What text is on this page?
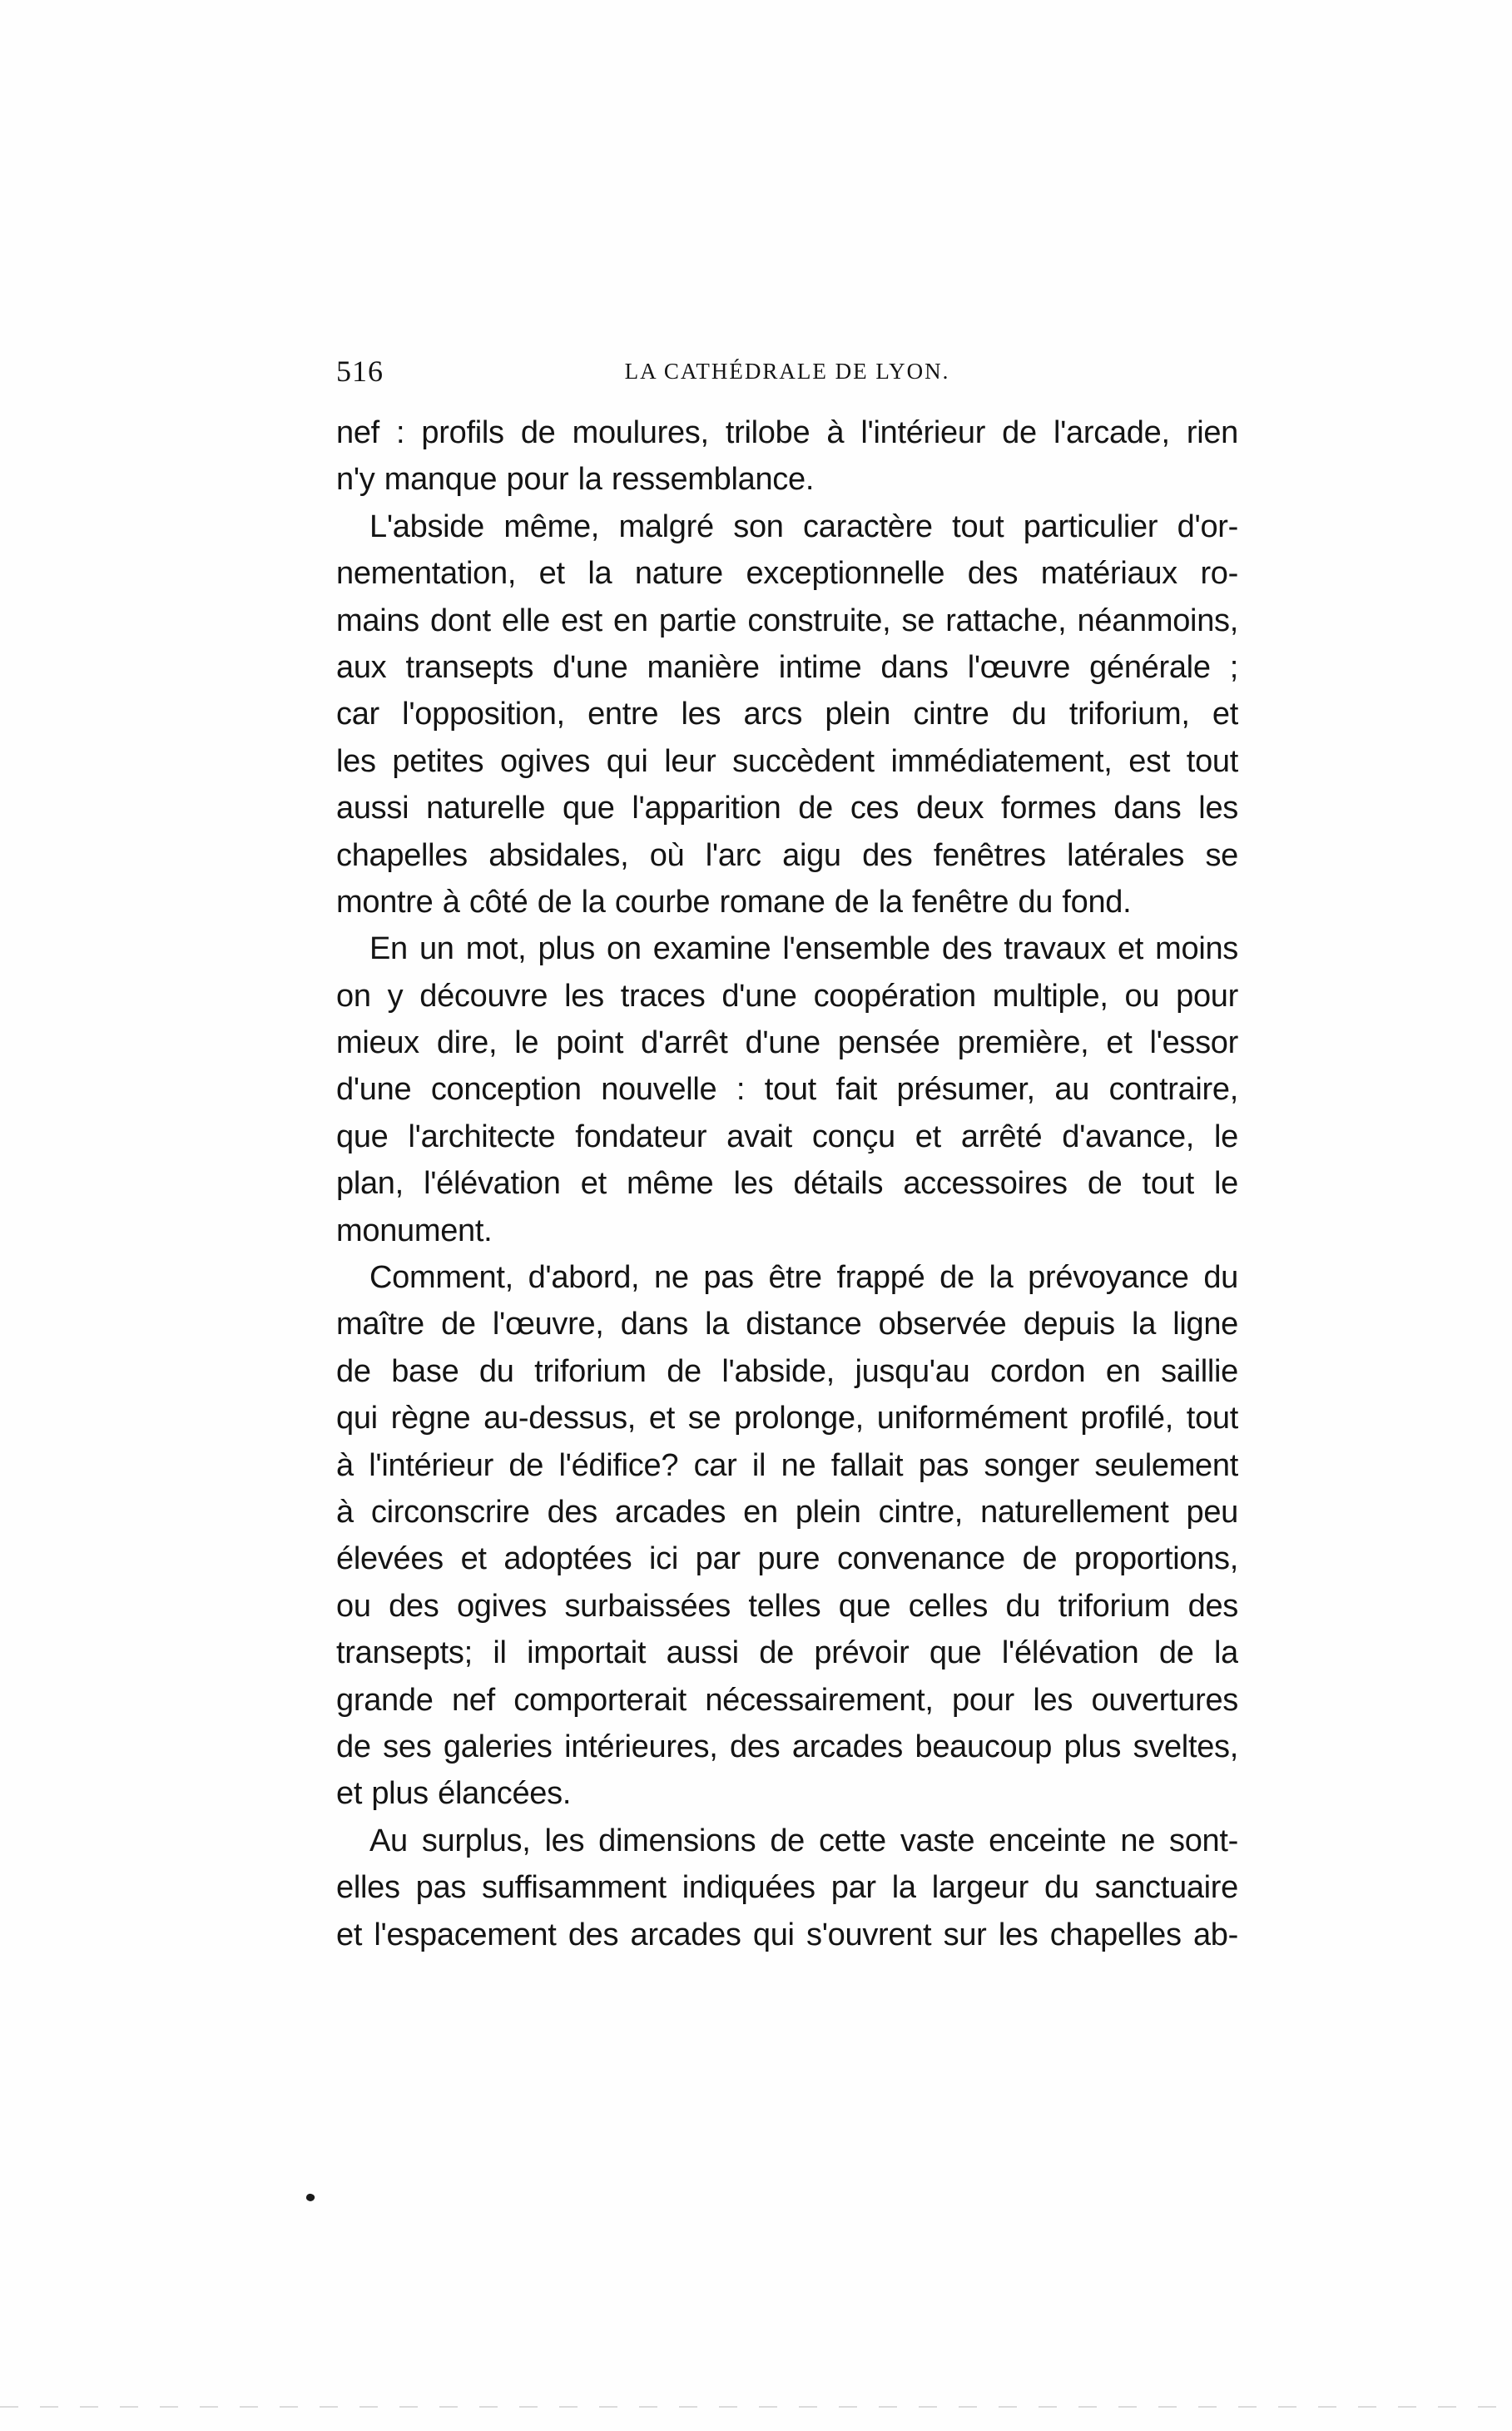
516	LA CATHÉDRALE DE LYON.
nef : profils de moulures, trilobe à l'intérieur de l'arcade, rien
n'y manque pour la ressemblance.
L'abside même, malgré son caractère tout particulier d'or-
nementation, et la nature exceptionnelle des matériaux ro-
mains dont elle est en partie construite, se rattache, néanmoins,
aux transepts d'une manière intime dans l'œuvre générale ;
car l'opposition, entre les arcs plein cintre du triforium, et
les petites ogives qui leur succèdent immédiatement, est tout
aussi naturelle que l'apparition de ces deux formes dans les
chapelles absidales, où l'arc aigu des fenêtres latérales se
montre à côté de la courbe romane de la fenêtre du fond.
En un mot, plus on examine l'ensemble des travaux et moins
on y découvre les traces d'une coopération multiple, ou pour
mieux dire, le point d'arrêt d'une pensée première, et l'essor
d'une conception nouvelle : tout fait présumer, au contraire,
que l'architecte fondateur avait conçu et arrêté d'avance, le
plan, l'élévation et même les détails accessoires de tout le
monument.
Comment, d'abord, ne pas être frappé de la prévoyance du
maître de l'œuvre, dans la distance observée depuis la ligne
de base du triforium de l'abside, jusqu'au cordon en saillie
qui règne au-dessus, et se prolonge, uniformément profilé, tout
à l'intérieur de l'édifice? car il ne fallait pas songer seulement
à circonscrire des arcades en plein cintre, naturellement peu
élevées et adoptées ici par pure convenance de proportions,
ou des ogives surbaissées telles que celles du triforium des
transepts; il importait aussi de prévoir que l'élévation de la
grande nef comporterait nécessairement, pour les ouvertures
de ses galeries intérieures, des arcades beaucoup plus sveltes,
et plus élancées.
Au surplus, les dimensions de cette vaste enceinte ne sont-
elles pas suffisamment indiquées par la largeur du sanctuaire
et l'espacement des arcades qui s'ouvrent sur les chapelles ab-
